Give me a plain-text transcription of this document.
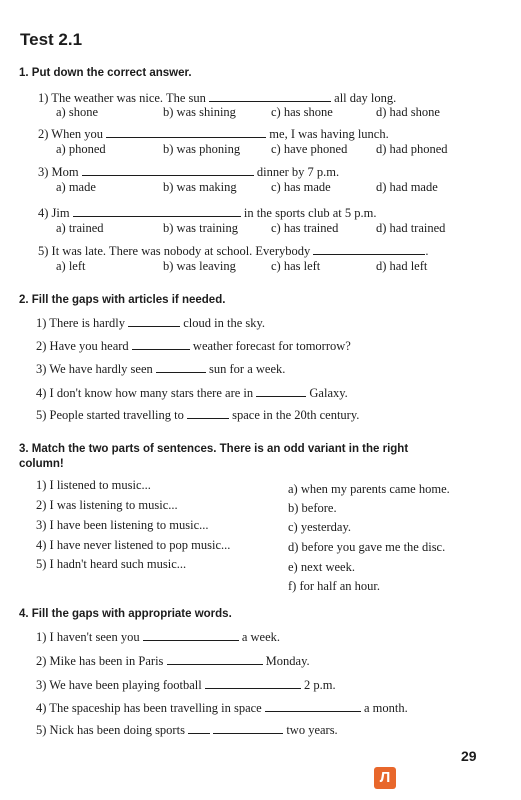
Test 2.1
1. Put down the correct answer.
1) The weather was nice. The sun	all day long.
a) shone	b) was shining	c) has shone	d) had shone
2) When you	me, I was having lunch.
a) phoned	b) was phoning c) have phoned d) had phoned
3) Mom	dinner by 7 p.m.
a) made	b) was making	c) has made	d) had made
4) Jim	in the sports club at 5 p.m.
a) trained	b) was training	c) has trained	d) had trained
5) It was late. There was nobody at school. Everybody	.
a) left	b) was leaving	c) has left	d) had left
2. Fill the gaps with articles if needed.
1) There is hardly	cloud in the sky.
2) Have you heard	weather forecast for tomorrow?
3) We have hardly seen	sun for a week.
4) I don't know how many stars there are in	Galaxy.
5) People started travelling to	space in the 20th century.
3. Match the two parts of sentences. There is an odd variant in the right
column!
1) I listened to music...
2) I was listening to music...
3) I have been listening to music...
4) I have never listened to pop music...
5) I hadn't heard such music...
a) when my parents came home.
b) before.
c) yesterday.
d) before you gave me the disc.
e) next week.
f) for half an hour.
4. Fill the gaps with appropriate words.
1) I haven't seen you	a week.
2) Mike has been in Paris	Monday.
3) We have been playing football	2 p.m.
4) The spaceship has been travelling in space	a month.
5) Nick has been doing sports	two years.
29
Л
